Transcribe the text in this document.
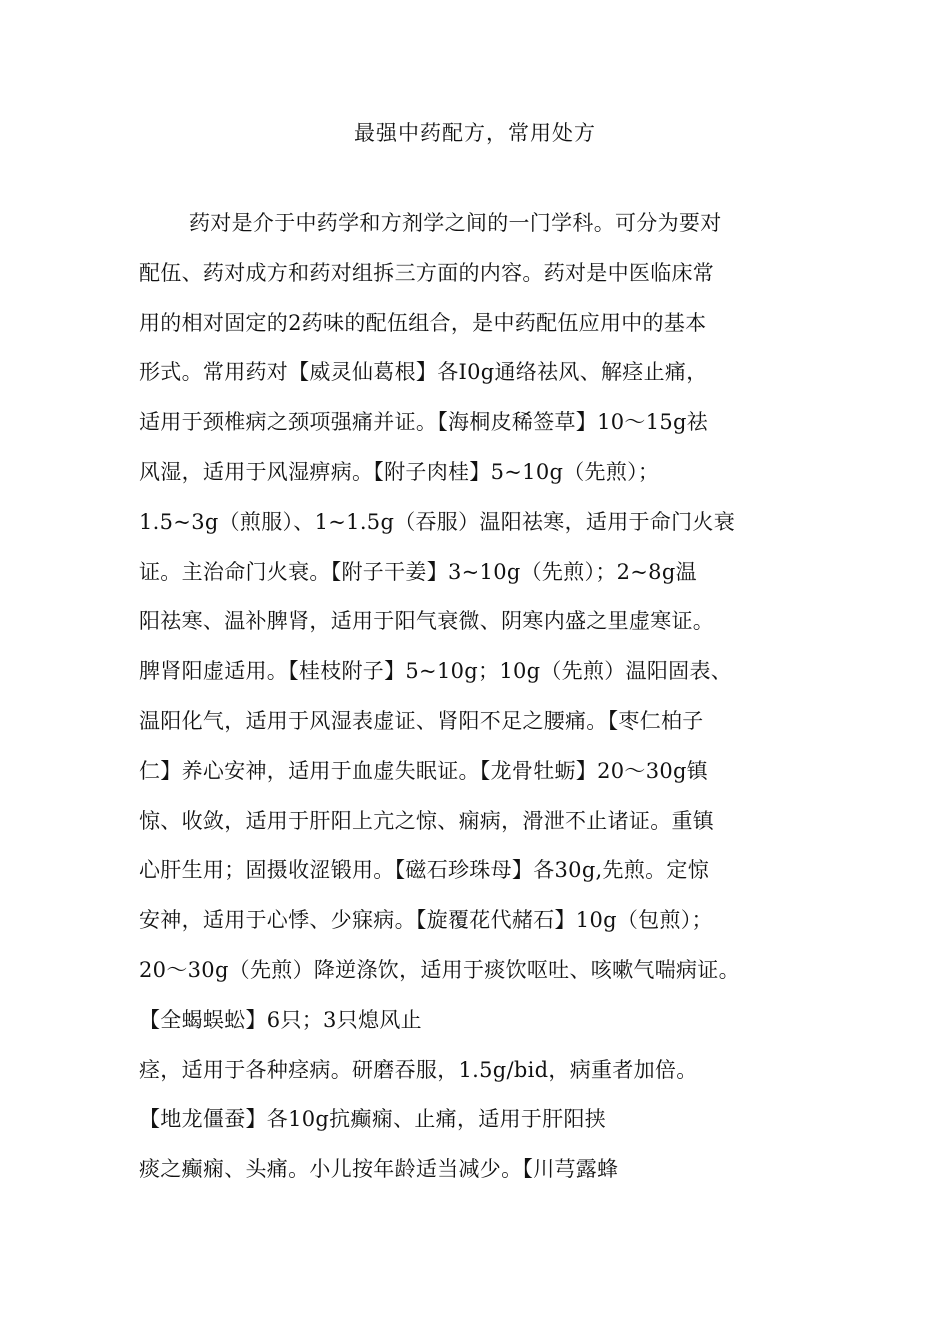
最强中药配方，常用处方
药对是介于中药学和方剂学之间的一门学科。可分为要对
配伍、药对成方和药对组拆三方面的内容。药对是中医临床常
用的相对固定的2药味的配伍组合，是中药配伍应用中的基本
形式。常用药对【威灵仙葛根】各I0g通络祛风、解痉止痛，
适用于颈椎病之颈项强痛并证。【海桐皮稀签草】10〜15g祛
风湿，适用于风湿痹病。【附子肉桂】5~10g（先煎）；
1.5~3g（煎服）、1~1.5g（吞服）温阳祛寒，适用于命门火衰
证。主治命门火衰。【附子干姜】3~10g（先煎）；2~8g温
阳祛寒、温补脾肾，适用于阳气衰微、阴寒内盛之里虚寒证。
脾肾阳虚适用。【桂枝附子】5~10g；10g（先煎）温阳固表、
温阳化气，适用于风湿表虚证、肾阳不足之腰痛。【枣仁柏子
仁】养心安神，适用于血虚失眠证。【龙骨牡蛎】20〜30g镇
惊、收敛，适用于肝阳上亢之惊、痫病，滑泄不止诸证。重镇
心肝生用；固摄收涩锻用。【磁石珍珠母】各30g,先煎。定惊
安神，适用于心悸、少寐病。【旋覆花代赭石】10g（包煎）；
20〜30g（先煎）降逆涤饮，适用于痰饮呕吐、咳嗽气喘病证。
【全蝎蜈蚣】6只；3只熄风止
痉，适用于各种痉病。研磨吞服，1.5g/bid，病重者加倍。
【地龙僵蚕】各10g抗癫痫、止痛，适用于肝阳挟
痰之癫痫、头痛。小儿按年龄适当减少。【川芎露蜂
